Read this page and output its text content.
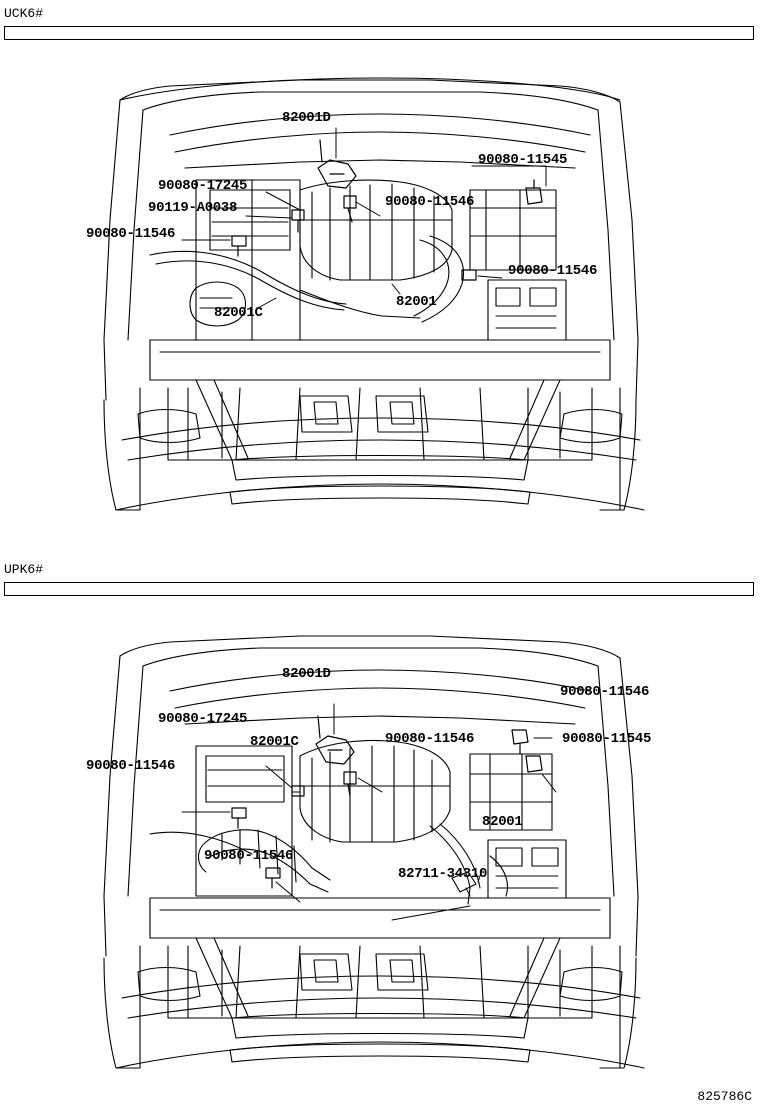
UCK6#
82001D
90080-11545
90080-17245
90080-11546
90119-A0038
90080-11546
90080-11546
82001
82001C
UPK6#
82001D
90080-11546
90080-17245
90080-11546	90080-11545
82001C
90080-11546
82001
90080-11546
82711-34310
825786C
